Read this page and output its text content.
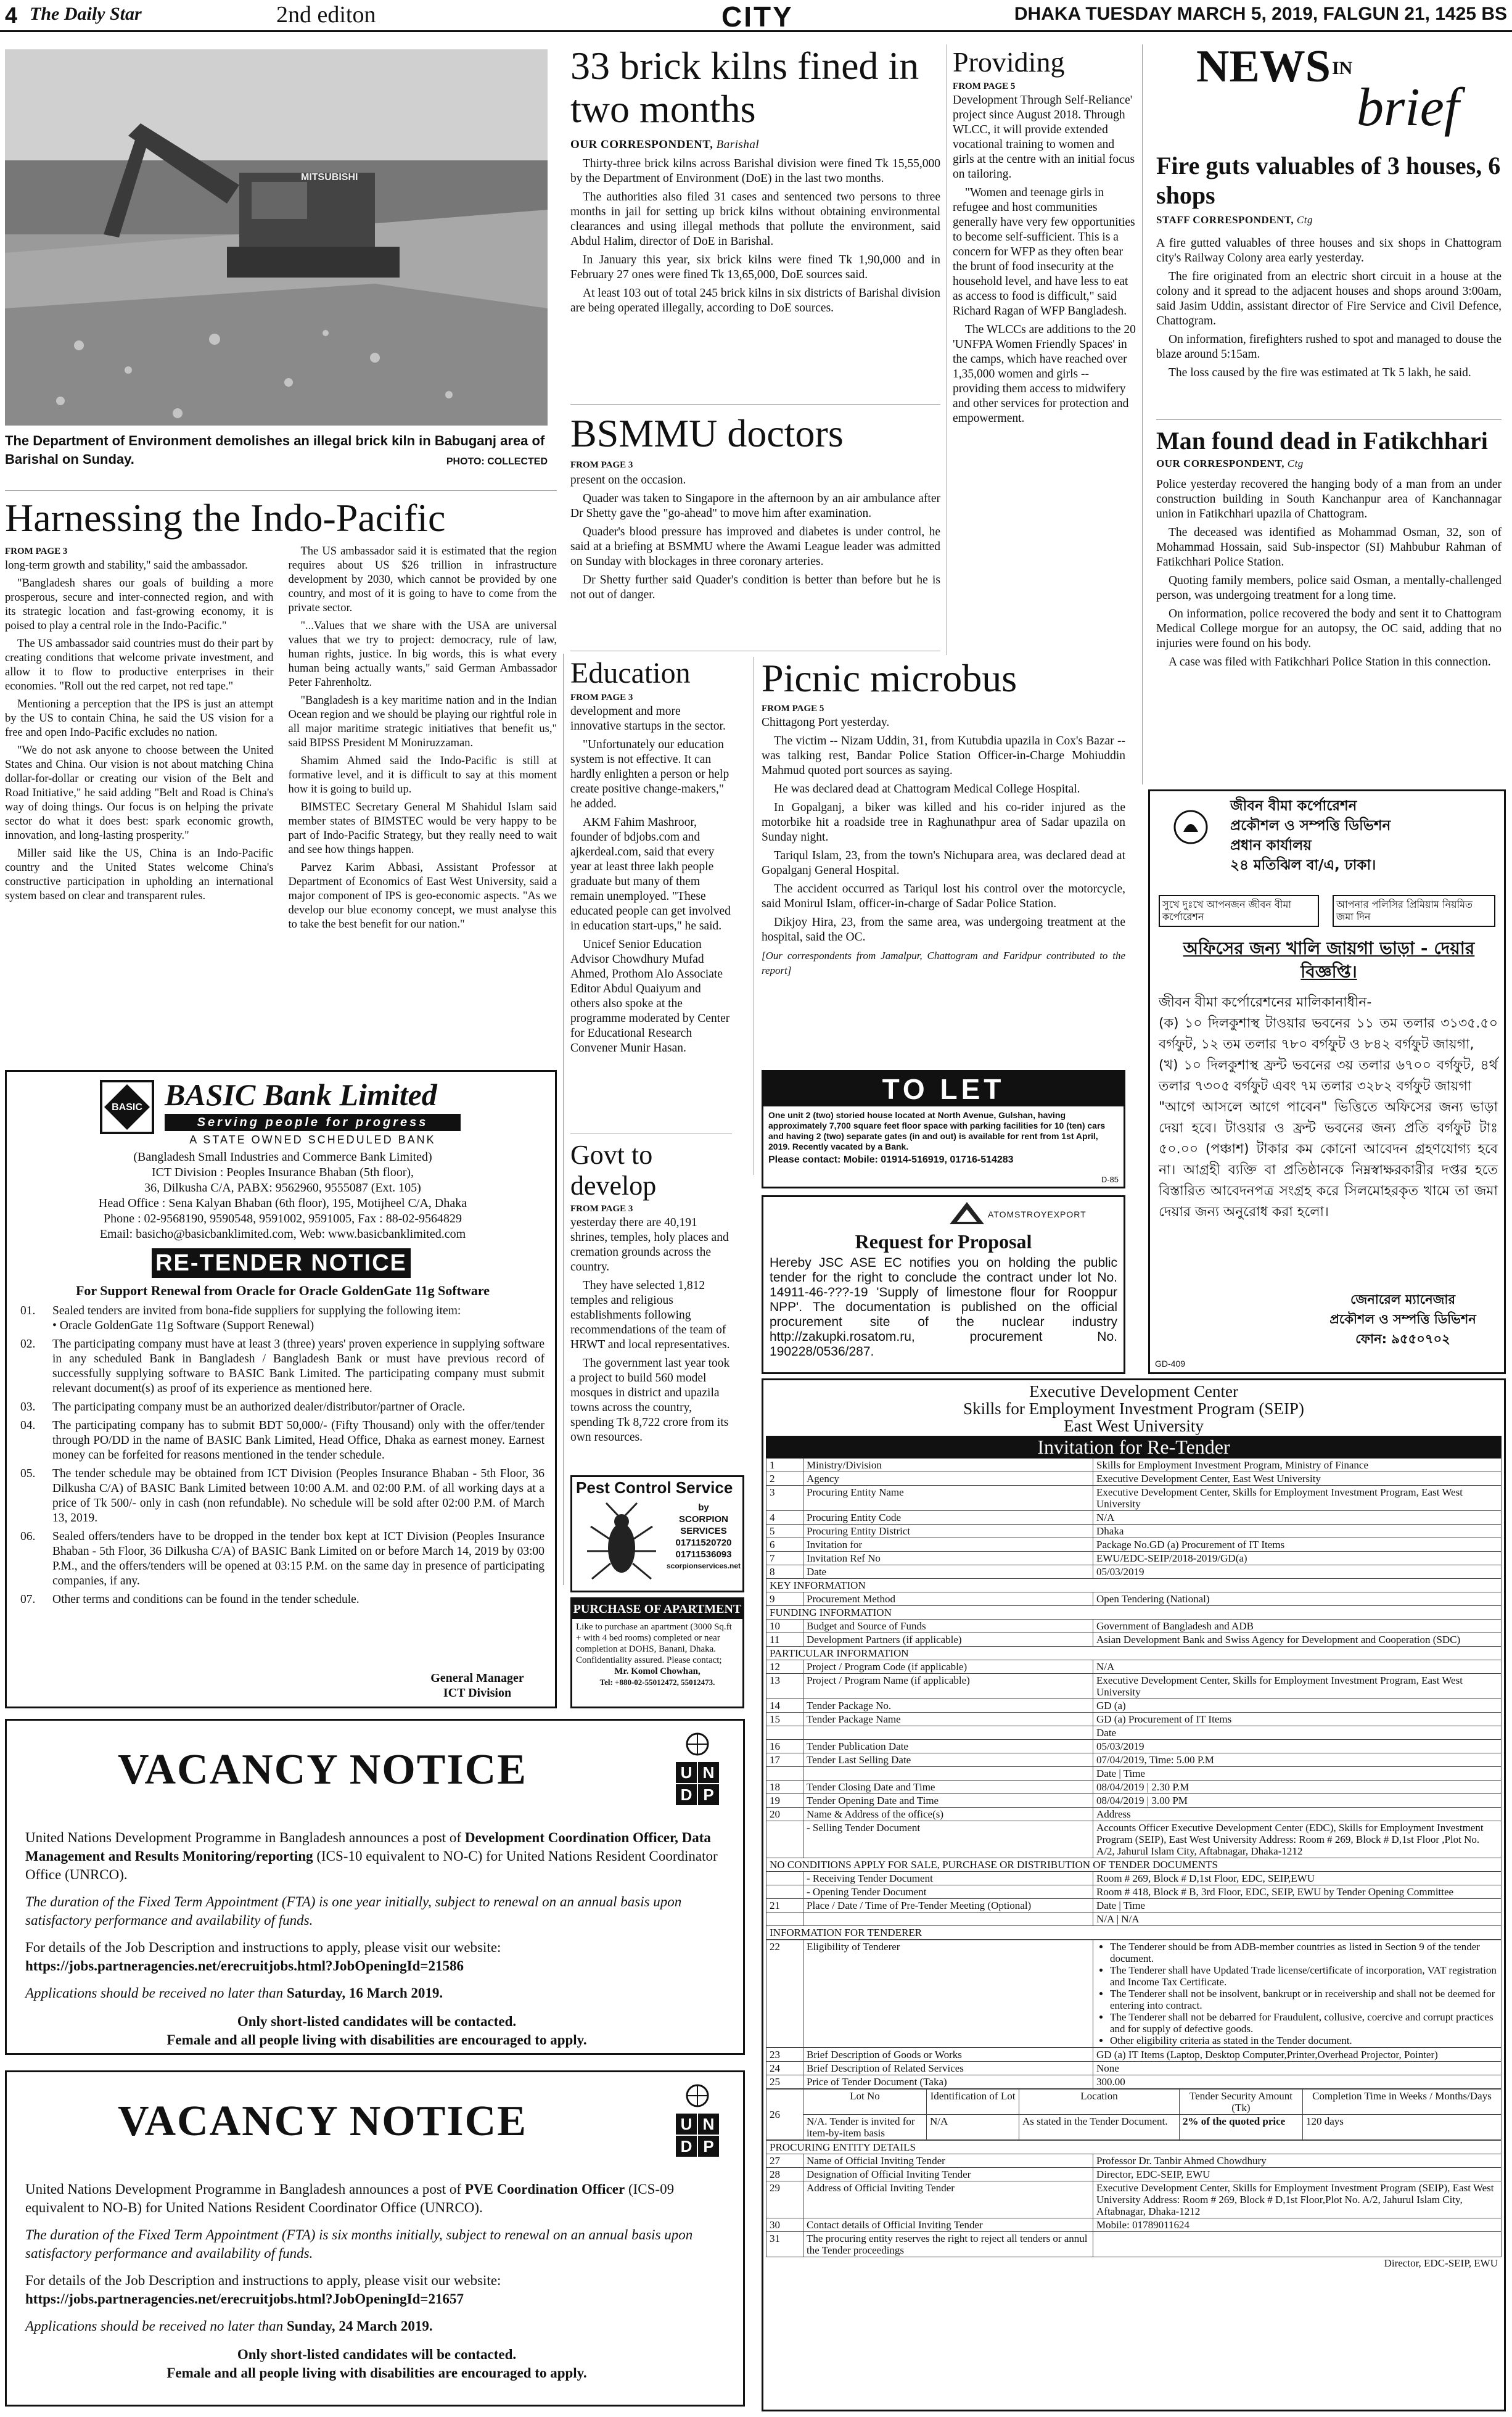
4 The Daily Star	2nd editon	CITY	DHAKA TUESDAY MARCH 5, 2019, FALGUN 21, 1425 BS
MITSUBISHI
The Department of Environment demolishes an illegal brick kiln in Babuganj area of Barishal on Sunday.	PHOTO: COLLECTED
33 brick kilns fined in two months
OUR CORRESPONDENT, Barishal

Thirty-three brick kilns across Barishal division were fined Tk 15,55,000 by the Department of Environment (DoE) in the last two months.

The authorities also filed 31 cases and sentenced two persons to three months in jail for setting up brick kilns without obtaining environmental clearances and using illegal methods that pollute the environment, said Abdul Halim, director of DoE in Barishal.

In January this year, six brick kilns were fined Tk 1,90,000 and in February 27 ones were fined Tk 13,65,000, DoE sources said.

At least 103 out of total 245 brick kilns in six districts of Barishal division are being operated illegally, according to DoE sources.

BSMMU doctors
FROM PAGE 3

present on the occasion.

Quader was taken to Singapore in the afternoon by an air ambulance after Dr Shetty gave the "go-ahead" to move him after examination.

Quader's blood pressure has improved and diabetes is under control, he said at a briefing at BSMMU where the Awami League leader was admitted on Sunday with blockages in three coronary arteries.

Dr Shetty further said Quader's condition is better than before but he is not out of danger.

Providing
FROM PAGE 5

Development Through Self-Reliance' project since August 2018. Through WLCC, it will provide extended vocational training to women and girls at the centre with an initial focus on tailoring.

"Women and teenage girls in refugee and host communities generally have very few opportunities to become self-sufficient. This is a concern for WFP as they often bear the brunt of food insecurity at the household level, and have less to eat as access to food is difficult," said Richard Ragan of WFP Bangladesh.

The WLCCs are additions to the 20 'UNFPA Women Friendly Spaces' in the camps, which have reached over 1,35,000 women and girls -- providing them access to midwifery and other services for protection and empowerment.

NEWS IN
brief
Fire guts valuables of 3 houses, 6 shops
STAFF CORRESPONDENT, Ctg

A fire gutted valuables of three houses and six shops in Chattogram city's Railway Colony area early yesterday.

The fire originated from an electric short circuit in a house at the colony and it spread to the adjacent houses and shops around 3:00am, said Jasim Uddin, assistant director of Fire Service and Civil Defence, Chattogram.

On information, firefighters rushed to spot and managed to douse the blaze around 5:15am.

The loss caused by the fire was estimated at Tk 5 lakh, he said.

Man found dead in Fatikchhari
OUR CORRESPONDENT, Ctg

Police yesterday recovered the hanging body of a man from an under construction building in South Kanchanpur area of Kanchannagar union in Fatikchhari upazila of Chattogram.

The deceased was identified as Mohammad Osman, 32, son of Mohammad Hossain, said Sub-inspector (SI) Mahbubur Rahman of Fatikchhari Police Station.

Quoting family members, police said Osman, a mentally-challenged person, was undergoing treatment for a long time.

On information, police recovered the body and sent it to Chattogram Medical College morgue for an autopsy, the OC said, adding that no injuries were found on his body.

A case was filed with Fatikchhari Police Station in this connection.

Harnessing the Indo-Pacific
FROM PAGE 3

long-term growth and stability," said the ambassador.

"Bangladesh shares our goals of building a more prosperous, secure and inter-connected region, and with its strategic location and fast-growing economy, it is poised to play a central role in the Indo-Pacific."

The US ambassador said countries must do their part by creating conditions that welcome private investment, and allow it to flow to productive enterprises in their economies. "Roll out the red carpet, not red tape."

Mentioning a perception that the IPS is just an attempt by the US to contain China, he said the US vision for a free and open Indo-Pacific excludes no nation.

"We do not ask anyone to choose between the United States and China. Our vision is not about matching China dollar-for-dollar or creating our vision of the Belt and Road Initiative," he said adding "Belt and Road is China's way of doing things. Our focus is on helping the private sector do what it does best: spark economic growth, innovation, and long-lasting prosperity."

Miller said like the US, China is an Indo-Pacific country and the United States welcome China's constructive participation in upholding an international system based on clear and transparent rules.

The US ambassador said it is estimated that the region requires about US $26 trillion in infrastructure development by 2030, which cannot be provided by one country, and most of it is going to have to come from the private sector.

"...Values that we share with the USA are universal values that we try to project: democracy, rule of law, human rights, justice. In big words, this is what every human being actually wants," said German Ambassador Peter Fahrenholtz.

"Bangladesh is a key maritime nation and in the Indian Ocean region and we should be playing our rightful role in all major maritime strategic initiatives that benefit us," said BIPSS President M Moniruzzaman.

Shamim Ahmed said the Indo-Pacific is still at formative level, and it is difficult to say at this moment how it is going to build up.

BIMSTEC Secretary General M Shahidul Islam said member states of BIMSTEC would be very happy to be part of Indo-Pacific Strategy, but they really need to wait and see how things happen.

Parvez Karim Abbasi, Assistant Professor at Department of Economics of East West University, said a major component of IPS is geo-economic aspects. "As we develop our blue economy concept, we must analyse this to take the best benefit for our nation."

Education
FROM PAGE 3

development and more innovative startups in the sector.

"Unfortunately our education system is not effective. It can hardly enlighten a person or help create positive change-makers," he added.

AKM Fahim Mashroor, founder of bdjobs.com and ajkerdeal.com, said that every year at least three lakh people graduate but many of them remain unemployed. "These educated people can get involved in education start-ups," he said.

Unicef Senior Education Advisor Chowdhury Mufad Ahmed, Prothom Alo Associate Editor Abdul Quaiyum and others also spoke at the programme moderated by Center for Educational Research Convener Munir Hasan.

Govt to develop
FROM PAGE 3

yesterday there are 40,191 shrines, temples, holy places and cremation grounds across the country.

They have selected 1,812 temples and religious establishments following recommendations of the team of HRWT and local representatives.

The government last year took a project to build 560 model mosques in district and upazila towns across the country, spending Tk 8,722 crore from its own resources.

Picnic microbus
FROM PAGE 5

Chittagong Port yesterday.

The victim -- Nizam Uddin, 31, from Kutubdia upazila in Cox's Bazar -- was talking rest, Bandar Police Station Officer-in-Charge Mohiuddin Mahmud quoted port sources as saying.

He was declared dead at Chattogram Medical College Hospital.

In Gopalganj, a biker was killed and his co-rider injured as the motorbike hit a roadside tree in Raghunathpur area of Sadar upazila on Sunday night.

Tariqul Islam, 23, from the town's Nichupara area, was declared dead at Gopalganj General Hospital.

The accident occurred as Tariqul lost his control over the motorcycle, said Monirul Islam, officer-in-charge of Sadar Police Station.

Dikjoy Hira, 23, from the same area, was undergoing treatment at the hospital, said the OC.

[Our correspondents from Jamalpur, Chattogram and Faridpur contributed to the report]

TO LET
One unit 2 (two) storied house located at North Avenue, Gulshan, having approximately 7,700 square feet floor space with parking facilities for 10 (ten) cars and having 2 (two) separate gates (in and out) is available for rent from 1st April, 2019. Recently vacated by a Bank.
Please contact: Mobile: 01914-516919, 01716-514283
D-85
ATOMSTROYEXPORT
Request for Proposal
Hereby JSC ASE EC notifies you on holding the public tender for the right to conclude the contract under lot No. 14911-46-???-19 'Supply of limestone flour for Rooppur NPP'. The documentation is published on the official procurement site of the nuclear industry http://zakupki.rosatom.ru, procurement No. 190228/0536/287.
জীবন বীমা কর্পোরেশন
প্রকৌশল ও সম্পত্তি ডিভিশন
প্রধান কার্যালয়
২৪ মতিঝিল বা/এ, ঢাকা।
সুখে দুঃখে আপনজন জীবন বীমা কর্পোরেশন
আপনার পলিসির প্রিমিয়াম নিয়মিত জমা দিন
অফিসের জন্য খালি জায়গা ভাড়া - দেয়ার বিজ্ঞপ্তি।
জীবন বীমা কর্পোরেশনের মালিকানাধীন-
(ক) ১০ দিলকুশাস্থ টাওয়ার ভবনের ১১ তম তলার ৩১৩৫.৫০ বর্গফুট, ১২ তম তলার ৭৮০ বর্গফুট ও ৮৪২ বর্গফুট জায়গা,
(খ) ১০ দিলকুশাস্থ ফ্রন্ট ভবনের ৩য় তলার ৬৭০০ বর্গফুট, ৪র্থ তলার ৭৩০৫ বর্গফুট এবং ৭ম তলার ৩২৮২ বর্গফুট জায়গা
"আগে আসলে আগে পাবেন" ভিত্তিতে অফিসের জন্য ভাড়া দেয়া হবে। টাওয়ার ও ফ্রন্ট ভবনের জন্য প্রতি বর্গফুট টাঃ ৫০.০০ (পঞ্চাশ) টাকার কম কোনো আবেদন গ্রহণযোগ্য হবে না। আগ্রহী ব্যক্তি বা প্রতিষ্ঠানকে নিম্নস্বাক্ষরকারীর দপ্তর হতে বিস্তারিত আবেদনপত্র সংগ্রহ করে সিলমোহরকৃত খামে তা জমা দেয়ার জন্য অনুরোধ করা হলো।
জেনারেল ম্যানেজার
প্রকৌশল ও সম্পত্তি ডিভিশন
ফোন: ৯৫৫০৭০২
GD-409
BASIC BASIC Bank Limited
Serving people for progress
A STATE OWNED SCHEDULED BANK
(Bangladesh Small Industries and Commerce Bank Limited)
ICT Division : Peoples Insurance Bhaban (5th floor),
36, Dilkusha C/A, PABX: 9562960, 9555087 (Ext. 105)
Head Office : Sena Kalyan Bhaban (6th floor), 195, Motijheel C/A, Dhaka
Phone : 02-9568190, 9590548, 9591002, 9591005, Fax : 88-02-9564829
Email: basicho@basicbanklimited.com, Web: www.basicbanklimited.com
RE-TENDER NOTICE
For Support Renewal from Oracle for Oracle GoldenGate 11g Software
01.	Sealed tenders are invited from bona-fide suppliers for supplying the following item:
• Oracle GoldenGate 11g Software (Support Renewal)
02.	The participating company must have at least 3 (three) years' proven experience in supplying software in any scheduled Bank in Bangladesh / Bangladesh Bank or must have previous record of successfully supplying software to BASIC Bank Limited. The participating company must submit relevant document(s) as proof of its experience as mentioned here.
03.	The participating company must be an authorized dealer/distributor/partner of Oracle.
04.	The participating company has to submit BDT 50,000/- (Fifty Thousand) only with the offer/tender through PO/DD in the name of BASIC Bank Limited, Head Office, Dhaka as earnest money. Earnest money can be forfeited for reasons mentioned in the tender schedule.
05.	The tender schedule may be obtained from ICT Division (Peoples Insurance Bhaban - 5th Floor, 36 Dilkusha C/A) of BASIC Bank Limited between 10:00 A.M. and 02:00 P.M. of all working days at a price of Tk 500/- only in cash (non refundable). No schedule will be sold after 02:00 P.M. of March 13, 2019.
06.	Sealed offers/tenders have to be dropped in the tender box kept at ICT Division (Peoples Insurance Bhaban - 5th Floor, 36 Dilkusha C/A) of BASIC Bank Limited on or before March 14, 2019 by 03:00 P.M., and the offers/tenders will be opened at 03:15 P.M. on the same day in presence of participating companies, if any.
07.	Other terms and conditions can be found in the tender schedule.
General Manager
ICT Division
Pest Control Service
by
SCORPION
SERVICES
01711520720
01711536093
scorpionservices.net
PURCHASE OF APARTMENT
Like to purchase an apartment (3000 Sq.ft + with 4 bed rooms) completed or near completion at DOHS, Banani, Dhaka. Confidentiality assured. Please contact;
Mr. Komol Chowhan,
Tel: +880-02-55012472, 55012473.
VACANCY NOTICE	U N
D P

United Nations Development Programme in Bangladesh announces a post of Development Coordination Officer, Data Management and Results Monitoring/reporting (ICS-10 equivalent to NO-C) for United Nations Resident Coordinator Office (UNRCO).

The duration of the Fixed Term Appointment (FTA) is one year initially, subject to renewal on an annual basis upon satisfactory performance and availability of funds.

For details of the Job Description and instructions to apply, please visit our website:

https://jobs.partneragencies.net/erecruitjobs.html?JobOpeningId=21586

Applications should be received no later than Saturday, 16 March 2019.

Only short-listed candidates will be contacted.

Female and all people living with disabilities are encouraged to apply.

VACANCY NOTICE	U N
D P

United Nations Development Programme in Bangladesh announces a post of PVE Coordination Officer (ICS-09 equivalent to NO-B) for United Nations Resident Coordinator Office (UNRCO).

The duration of the Fixed Term Appointment (FTA) is six months initially, subject to renewal on an annual basis upon satisfactory performance and availability of funds.

For details of the Job Description and instructions to apply, please visit our website:

https://jobs.partneragencies.net/erecruitjobs.html?JobOpeningId=21657

Applications should be received no later than Sunday, 24 March 2019.

Only short-listed candidates will be contacted.

Female and all people living with disabilities are encouraged to apply.

Executive Development Center
Skills for Employment Investment Program (SEIP)
East West University
Invitation for Re-Tender
1	Ministry/Division	Skills for Employment Investment Program, Ministry of Finance
2	Agency	Executive Development Center, East West University
3	Procuring Entity Name	Executive Development Center, Skills for Employment Investment Program, East West University
4	Procuring Entity Code	N/A
5	Procuring Entity District	Dhaka
6	Invitation for	Package No.GD (a) Procurement of IT Items
7	Invitation Ref No	EWU/EDC-SEIP/2018-2019/GD(a)
8	Date	05/03/2019
KEY INFORMATION		
9	Procurement Method	Open Tendering (National)
FUNDING INFORMATION		
10	Budget and Source of Funds	Government of Bangladesh and ADB
11	Development Partners (if applicable)	Asian Development Bank and Swiss Agency for Development and Cooperation (SDC)
PARTICULAR INFORMATION		
12	Project / Program Code (if applicable)	N/A
13	Project / Program Name (if applicable)	Executive Development Center, Skills for Employment Investment Program, East West University
14	Tender Package No.	GD (a)
15	Tender Package Name	GD (a) Procurement of IT Items
		Date
16	Tender Publication Date	05/03/2019
17	Tender Last Selling Date	07/04/2019, Time: 5.00 P.M
		Date | Time
18	Tender Closing Date and Time	08/04/2019 | 2.30 P.M
19	Tender Opening Date and Time	08/04/2019 | 3.00 PM
20	Name & Address of the office(s)	Address
	- Selling Tender Document	Accounts Officer Executive Development Center (EDC), Skills for Employment Investment Program (SEIP), East West University Address: Room # 269, Block # D,1st Floor ,Plot No. A/2, Jahurul Islam City, Aftabnagar, Dhaka-1212
NO CONDITIONS APPLY FOR SALE, PURCHASE OR DISTRIBUTION OF TENDER DOCUMENTS		
	- Receiving Tender Document	Room # 269, Block # D,1st Floor, EDC, SEIP,EWU
	- Opening Tender Document	Room # 418, Block # B, 3rd Floor, EDC, SEIP, EWU by Tender Opening Committee
21	Place / Date / Time of Pre-Tender Meeting (Optional)	Date | Time
		N/A | N/A
INFORMATION FOR TENDERER		
22	Eligibility of Tenderer	
•The Tenderer should be from ADB-member countries as listed in Section 9 of the tender document.
• The Tenderer shall have Updated Trade license/certificate of incorporation, VAT registration and Income Tax Certificate.
• The Tenderer shall not be insolvent, bankrupt or in receivership and shall not be deemed for entering into contract.
• The Tenderer shall not be debarred for Fraudulent, collusive, coercive and corrupt practices and for supply of defective goods.
• Other eligibility criteria as stated in the Tender document.
23	Brief Description of Goods or Works	GD (a) IT Items (Laptop, Desktop Computer,Printer,Overhead Projector, Pointer)
24	Brief Description of Related Services	None
25	Price of Tender Document (Taka)	300.00
26	Lot No	Identification of Lot	Location	Tender Security Amount (Tk)	Completion Time in Weeks / Months/Days
	N/A. Tender is invited for item-by-item basis	N/A	As stated in the Tender Document.	2% of the quoted price	120 days
PROCURING ENTITY DETAILS		
27	Name of Official Inviting Tender	Professor Dr. Tanbir Ahmed Chowdhury
28	Designation of Official Inviting Tender	Director, EDC-SEIP, EWU
29	Address of Official Inviting Tender	Executive Development Center, Skills for Employment Investment Program (SEIP), East West University Address: Room # 269, Block # D,1st Floor,Plot No. A/2, Jahurul Islam City, Aftabnagar, Dhaka-1212
30	Contact details of Official Inviting Tender	Mobile: 01789011624
31	The procuring entity reserves the right to reject all tenders or annul the Tender proceedings	
Director, EDC-SEIP, EWU
